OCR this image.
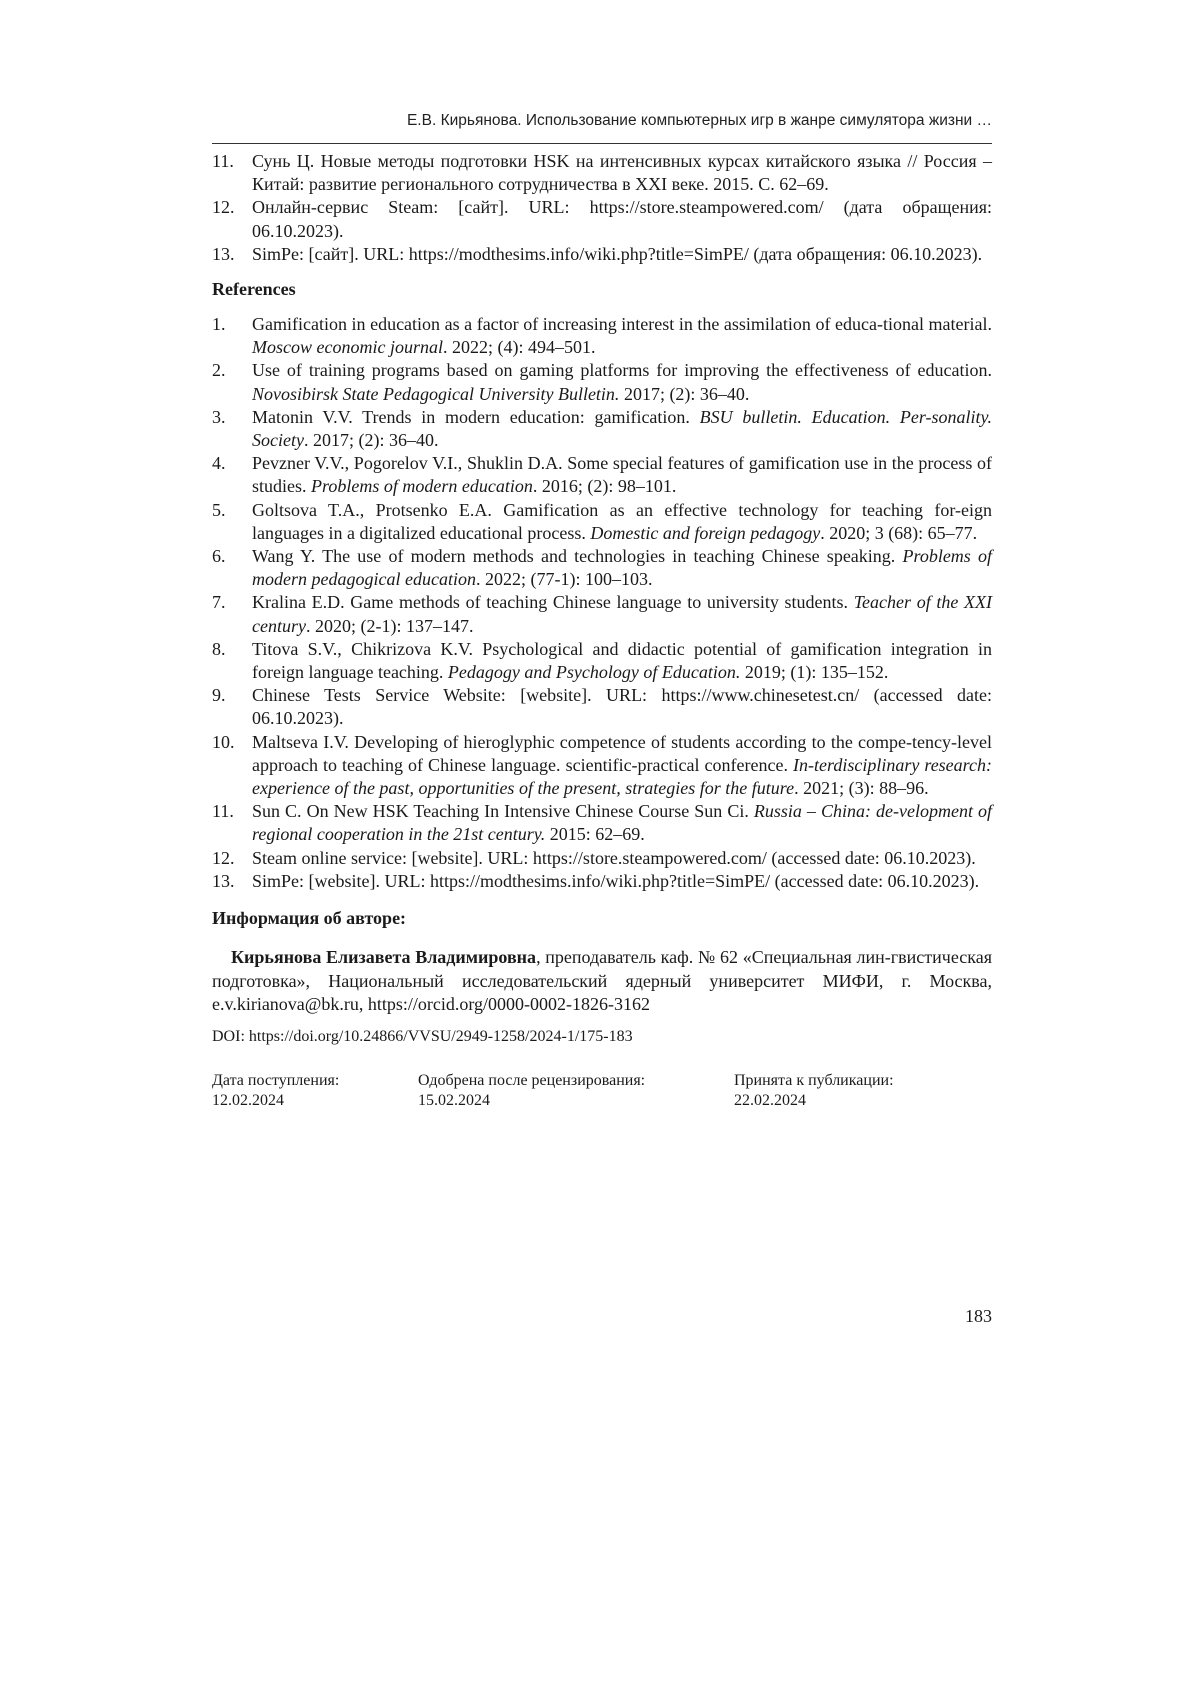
Е.В. Кирьянова. Использование компьютерных игр в жанре симулятора жизни …
11.	Сунь Ц. Новые методы подготовки HSK на интенсивных курсах китайского языка // Россия – Китай: развитие регионального сотрудничества в XXI веке. 2015. С. 62–69.
12. Онлайн-сервис Steam: [сайт]. URL: https://store.steampowered.com/ (дата обращения: 06.10.2023).
13. SimPe: [сайт]. URL: https://modthesims.info/wiki.php?title=SimPE/ (дата обращения: 06.10.2023).
References
1.	Gamification in education as a factor of increasing interest in the assimilation of educa-tional material. Moscow economic journal. 2022; (4): 494–501.
2.	Use of training programs based on gaming platforms for improving the effectiveness of education. Novosibirsk State Pedagogical University Bulletin. 2017; (2): 36–40.
3.	Matonin V.V. Trends in modern education: gamification. BSU bulletin. Education. Per-sonality. Society. 2017; (2): 36–40.
4.	Pevzner V.V., Pogorelov V.I., Shuklin D.A. Some special features of gamification use in the process of studies. Problems of modern education. 2016; (2): 98–101.
5.	Goltsova T.A., Protsenko E.A. Gamification as an effective technology for teaching for-eign languages in a digitalized educational process. Domestic and foreign pedagogy. 2020; 3 (68): 65–77.
6.	Wang Y. The use of modern methods and technologies in teaching Chinese speaking. Problems of modern pedagogical education. 2022; (77-1): 100–103.
7.	Kralina E.D. Game methods of teaching Chinese language to university students. Teacher of the XXI century. 2020; (2-1): 137–147.
8.	Titova S.V., Chikrizova K.V. Psychological and didactic potential of gamification integration in foreign language teaching. Pedagogy and Psychology of Education. 2019; (1): 135–152.
9.	Chinese Tests Service Website: [website]. URL: https://www.chinesetest.cn/ (accessed date: 06.10.2023).
10. Maltseva I.V. Developing of hieroglyphic competence of students according to the compe-tency-level approach to teaching of Chinese language. scientific-practical conference. In-terdisciplinary research: experience of the past, opportunities of the present, strategies for the future. 2021; (3): 88–96.
11.	Sun C. On New HSK Teaching In Intensive Chinese Course Sun Ci. Russia – China: de-velopment of regional cooperation in the 21st century. 2015: 62–69.
12. Steam online service: [website]. URL: https://store.steampowered.com/ (accessed date: 06.10.2023).
13. SimPe: [website]. URL: https://modthesims.info/wiki.php?title=SimPE/ (accessed date: 06.10.2023).
Информация об авторе:

Кирьянова Елизавета Владимировна, преподаватель каф. № 62 «Специальная лин-гвистическая подготовка», Национальный исследовательский ядерный университет МИФИ, г. Москва, e.v.kirianova@bk.ru, https://orcid.org/0000-0002-1826-3162

DOI: https://doi.org/10.24866/VVSU/2949-1258/2024-1/175-183
Дата поступления:
12.02.2024
Одобрена после рецензирования:
15.02.2024
Принята к публикации:
22.02.2024
183
